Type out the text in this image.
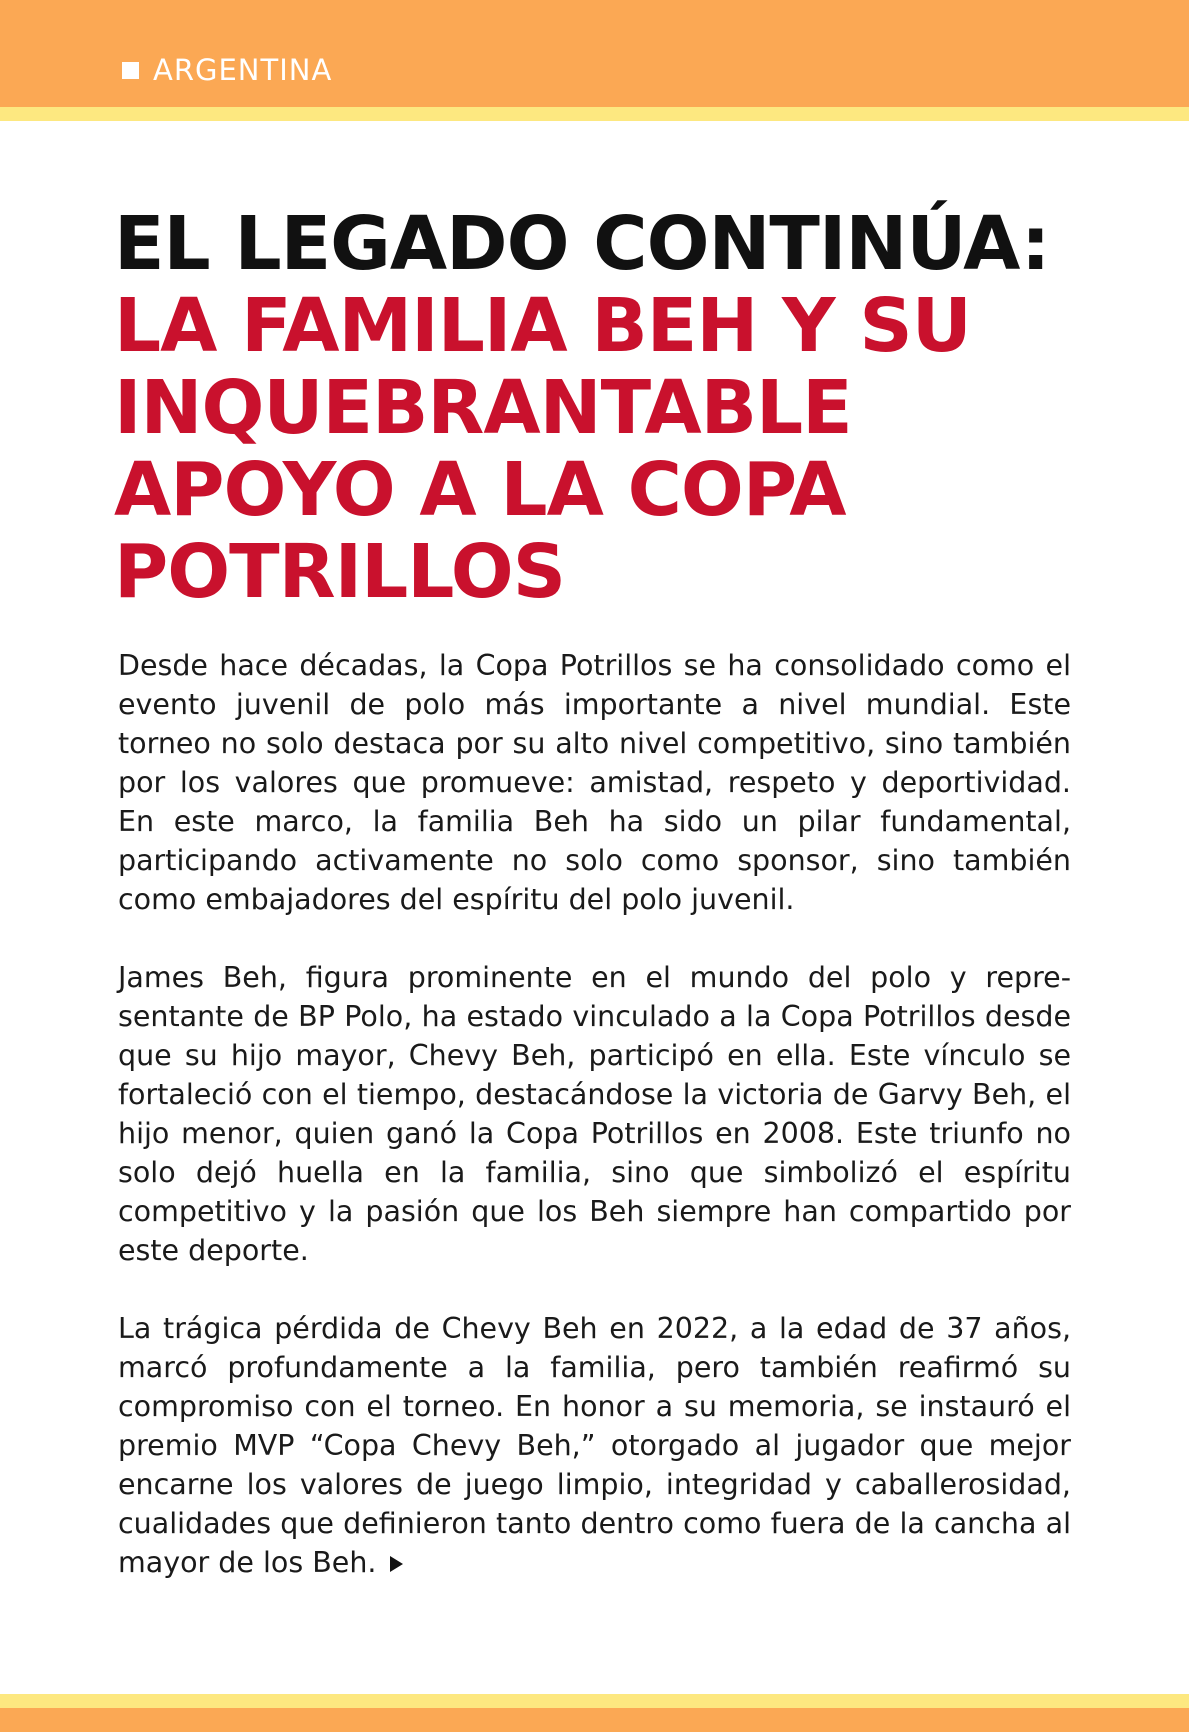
ARGENTINA
EL LEGADO CONTINÚA:
LA FAMILIA BEH Y SU INQUEBRANTABLE APOYO A LA COPA POTRILLOS

Desde hace décadas, la Copa Potrillos se ha consolidado como el evento juvenil de polo más importante a nivel mundial. Este torneo no solo destaca por su alto nivel competitivo, sino también por los valores que promueve: amistad, respeto y deportividad. En este marco, la familia Beh ha sido un pilar fundamental, participando activamente no solo como sponsor, sino también como embajadores del espíritu del polo juvenil.

James Beh, figura prominente en el mundo del polo y representante de BP Polo, ha estado vinculado a la Copa Potrillos desde que su hijo mayor, Chevy Beh, participó en ella. Este vínculo se fortaleció con el tiempo, destacándose la victoria de Garvy Beh, el hijo menor, quien ganó la Copa Potrillos en 2008. Este triunfo no solo dejó huella en la familia, sino que simbolizó el espíritu competitivo y la pasión que los Beh siempre han compartido por este deporte.

La trágica pérdida de Chevy Beh en 2022, a la edad de 37 años, marcó profundamente a la familia, pero también reafirmó su compromiso con el torneo. En honor a su memoria, se instauró el premio MVP “Copa Chevy Beh,” otorgado al jugador que mejor encarne los valores de juego limpio, integridad y caballerosidad, cualidades que definieron tanto dentro como fuera de la cancha al mayor de los Beh.
